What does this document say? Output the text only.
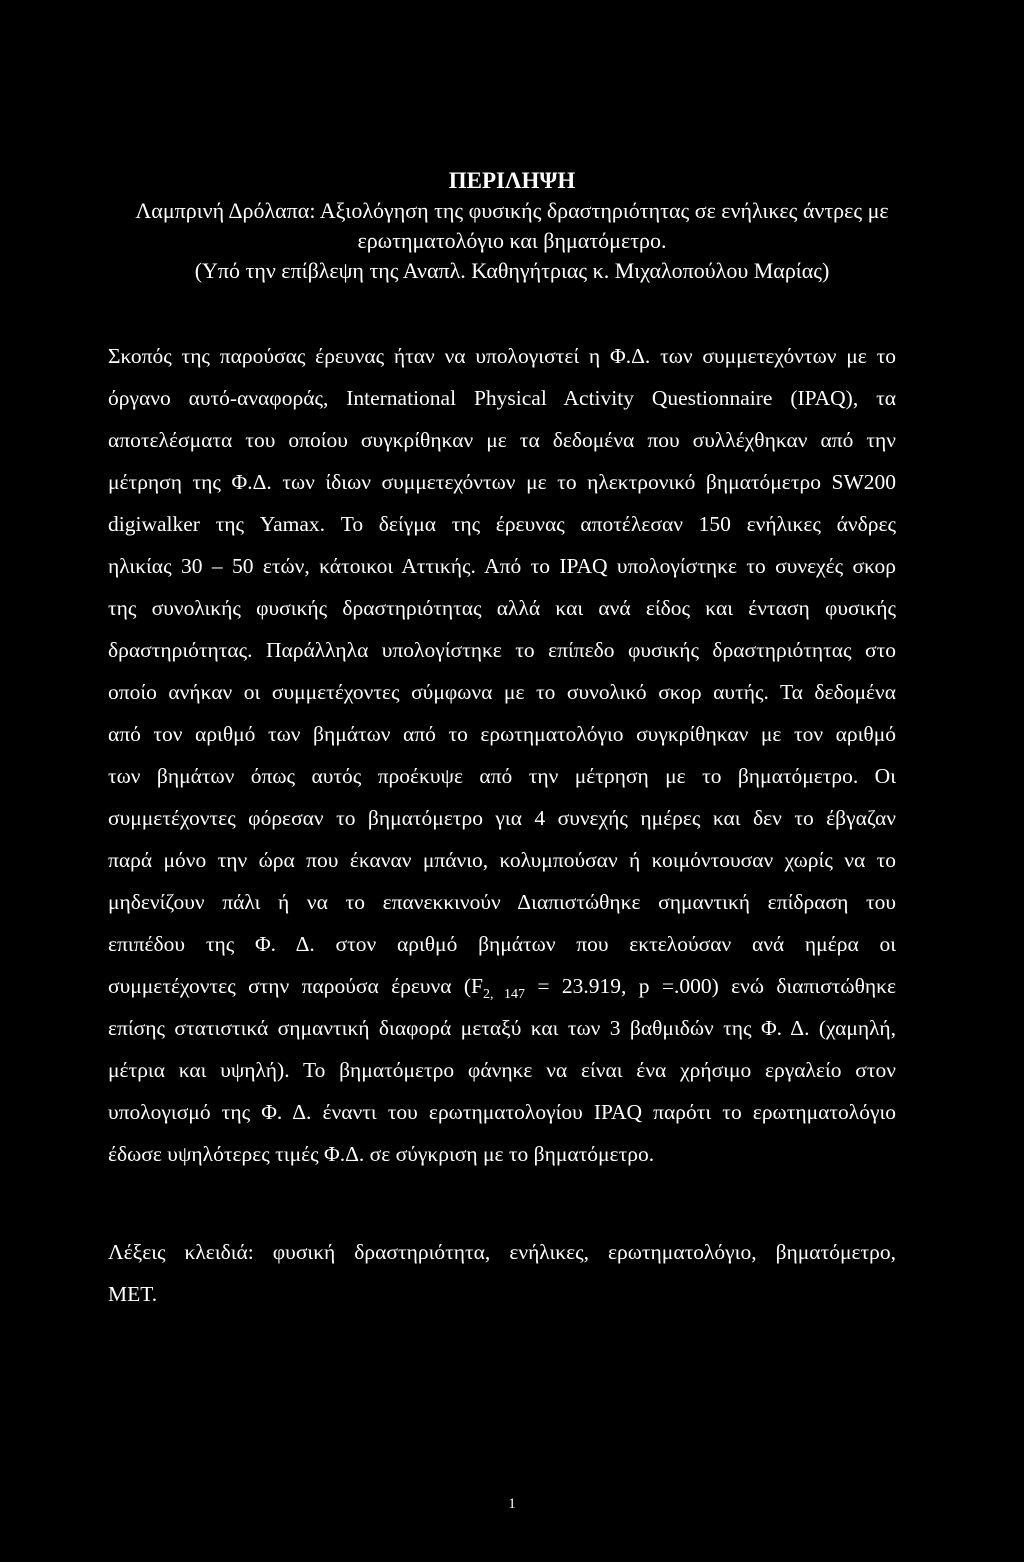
ΠΕΡΙΛΗΨΗ
Λαμπρινή Δρόλαπα: Αξιολόγηση της φυσικής δραστηριότητας σε ενήλικες άντρες με
ερωτηματολόγιο και βηματόμετρο.
(Υπό την επίβλεψη της Αναπλ. Καθηγήτριας κ. Μιχαλοπούλου Μαρίας)
Σκοπός της παρούσας έρευνας ήταν να υπολογιστεί η Φ.Δ. των συμμετεχόντων με το
όργανο αυτό-αναφοράς, International Physical Activity Questionnaire (IPAQ), τα
αποτελέσματα του οποίου συγκρίθηκαν με τα δεδομένα που συλλέχθηκαν από την
μέτρηση της Φ.Δ. των ίδιων συμμετεχόντων με το ηλεκτρονικό βηματόμετρο SW200
digiwalker της Yamax. Το δείγμα της έρευνας αποτέλεσαν 150 ενήλικες άνδρες
ηλικίας 30 – 50 ετών, κάτοικοι Αττικής. Από το IPAQ υπολογίστηκε το συνεχές σκορ
της συνολικής φυσικής δραστηριότητας αλλά και ανά είδος και ένταση φυσικής
δραστηριότητας. Παράλληλα υπολογίστηκε το επίπεδο φυσικής δραστηριότητας στο
οποίο ανήκαν οι συμμετέχοντες σύμφωνα με το συνολικό σκορ αυτής. Τα δεδομένα
από τον αριθμό των βημάτων από το ερωτηματολόγιο συγκρίθηκαν με τον αριθμό
των βημάτων όπως αυτός προέκυψε από την μέτρηση με το βηματόμετρο. Οι
συμμετέχοντες φόρεσαν το βηματόμετρο για 4 συνεχής ημέρες και δεν το έβγαζαν
παρά μόνο την ώρα που έκαναν μπάνιο, κολυμπούσαν ή κοιμόντουσαν χωρίς να το
μηδενίζουν πάλι ή να το επανεκκινούν Διαπιστώθηκε σημαντική επίδραση του
επιπέδου της Φ. Δ. στον αριθμό βημάτων που εκτελούσαν ανά ημέρα οι
συμμετέχοντες στην παρούσα έρευνα ($F_{2, 147} = 23.919$, p =.000) ενώ διαπιστώθηκε
επίσης στατιστικά σημαντική διαφορά μεταξύ και των 3 βαθμιδών της Φ. Δ. (χαμηλή,
μέτρια και υψηλή). Το βηματόμετρο φάνηκε να είναι ένα χρήσιμο εργαλείο στον
υπολογισμό της Φ. Δ. έναντι του ερωτηματολογίου IPAQ παρότι το ερωτηματολόγιο
έδωσε υψηλότερες τιμές Φ.Δ. σε σύγκριση με το βηματόμετρο.
Λέξεις κλειδιά: φυσική δραστηριότητα, ενήλικες, ερωτηματολόγιο, βηματόμετρο,
ΜΕΤ.
1
